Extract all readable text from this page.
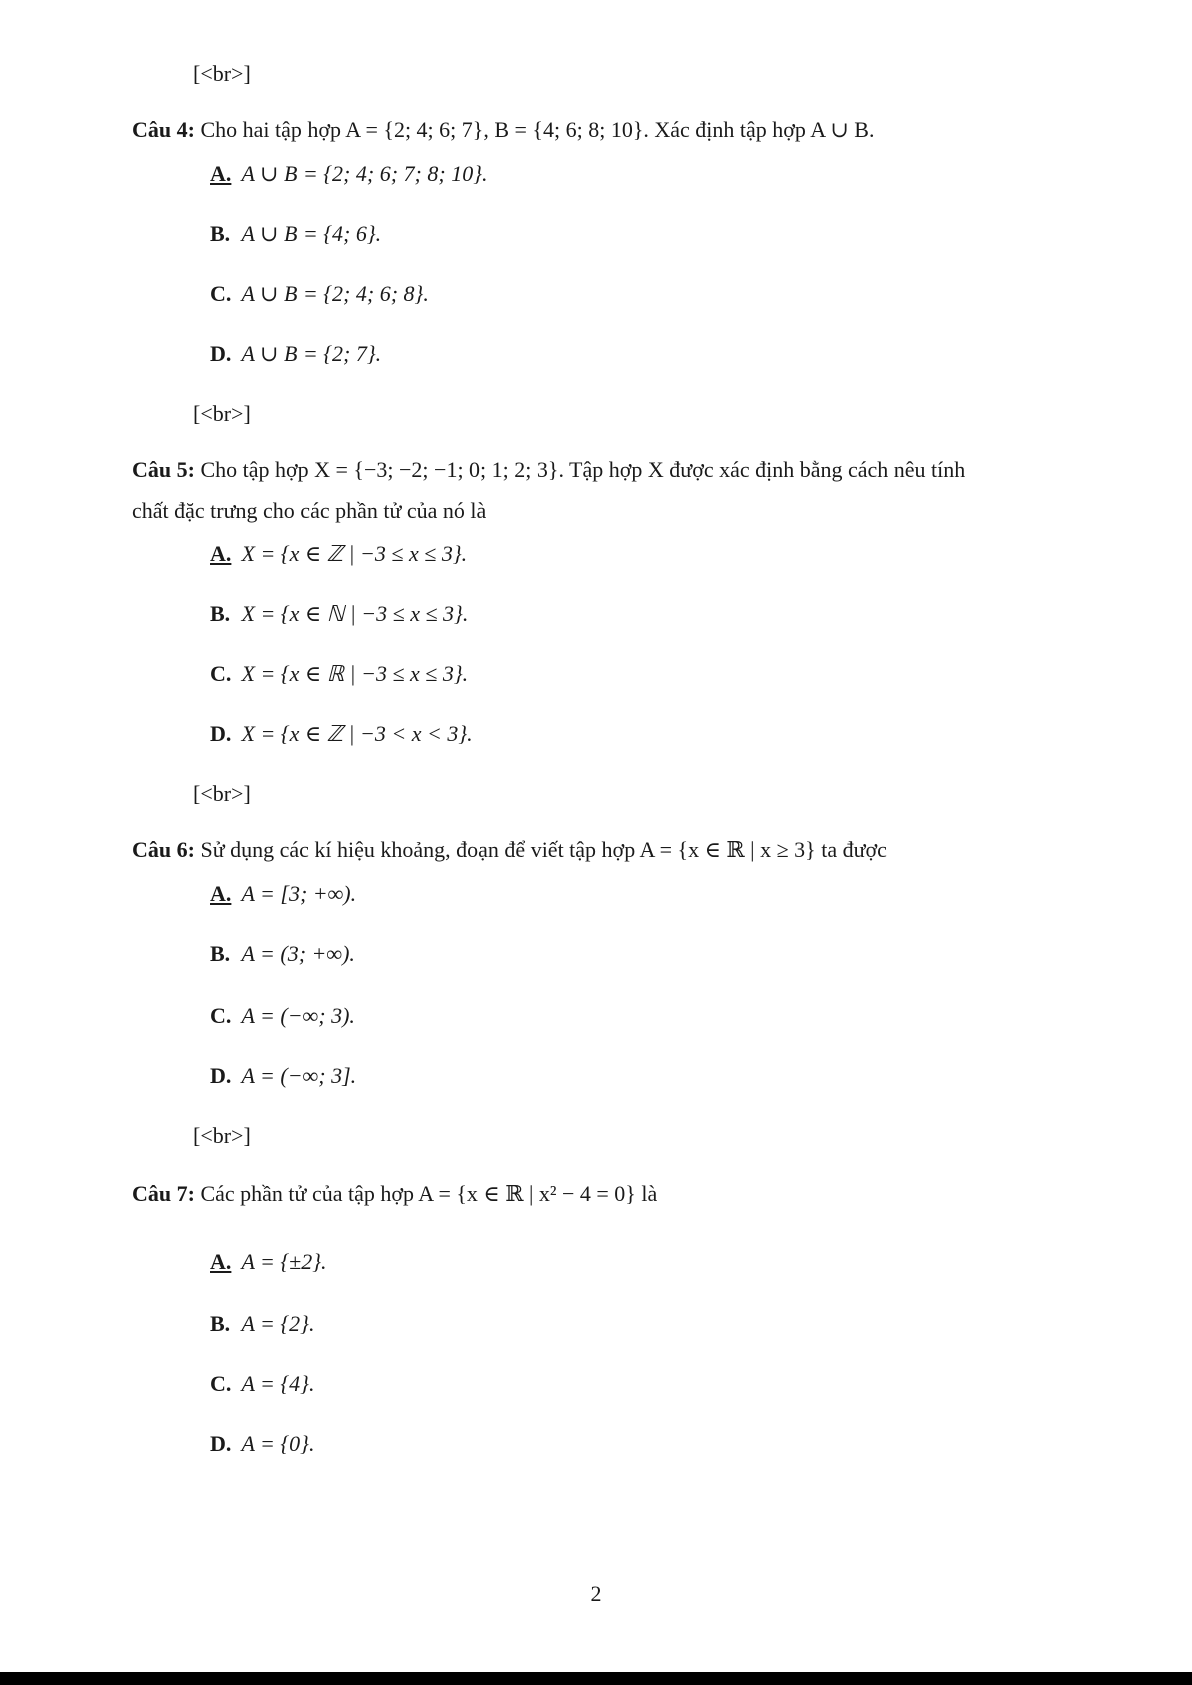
[<br>]
Câu 4: Cho hai tập hợp A = {2; 4; 6; 7}, B = {4; 6; 8; 10}. Xác định tập hợp A ∪ B.
A. A ∪ B = {2; 4; 6; 7; 8; 10}.
B. A ∪ B = {4; 6}.
C. A ∪ B = {2; 4; 6; 8}.
D. A ∪ B = {2; 7}.
[<br>]
Câu 5: Cho tập hợp X = {−3; −2; −1; 0; 1; 2; 3}. Tập hợp X được xác định bằng cách nêu tính
chất đặc trưng cho các phần tử của nó là
A. X = {x ∈ ℤ | −3 ≤ x ≤ 3}.
B. X = {x ∈ ℕ | −3 ≤ x ≤ 3}.
C. X = {x ∈ ℝ | −3 ≤ x ≤ 3}.
D. X = {x ∈ ℤ | −3 < x < 3}.
[<br>]
Câu 6: Sử dụng các kí hiệu khoảng, đoạn để viết tập hợp A = {x ∈ ℝ | x ≥ 3} ta được
A. A = [3; +∞).
B. A = (3; +∞).
C. A = (−∞; 3).
D. A = (−∞; 3].
[<br>]
Câu 7: Các phần tử của tập hợp A = {x ∈ ℝ | x² − 4 = 0} là
A. A = {±2}.
B. A = {2}.
C. A = {4}.
D. A = {0}.
2
